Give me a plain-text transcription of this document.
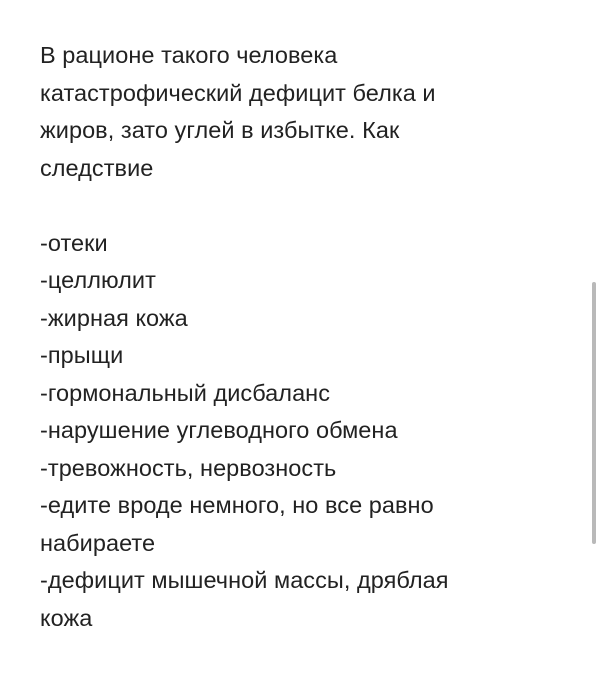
В рационе такого человека
катастрофический дефицит белка и
жиров, зато углей в избытке. Как
следствие
-отеки
-целлюлит
-жирная кожа
-прыщи
-гормональный дисбаланс
-нарушение углеводного обмена
-тревожность, нервозность
-едите вроде немного, но все равно
набираете
-дефицит мышечной массы, дряблая
кожа
